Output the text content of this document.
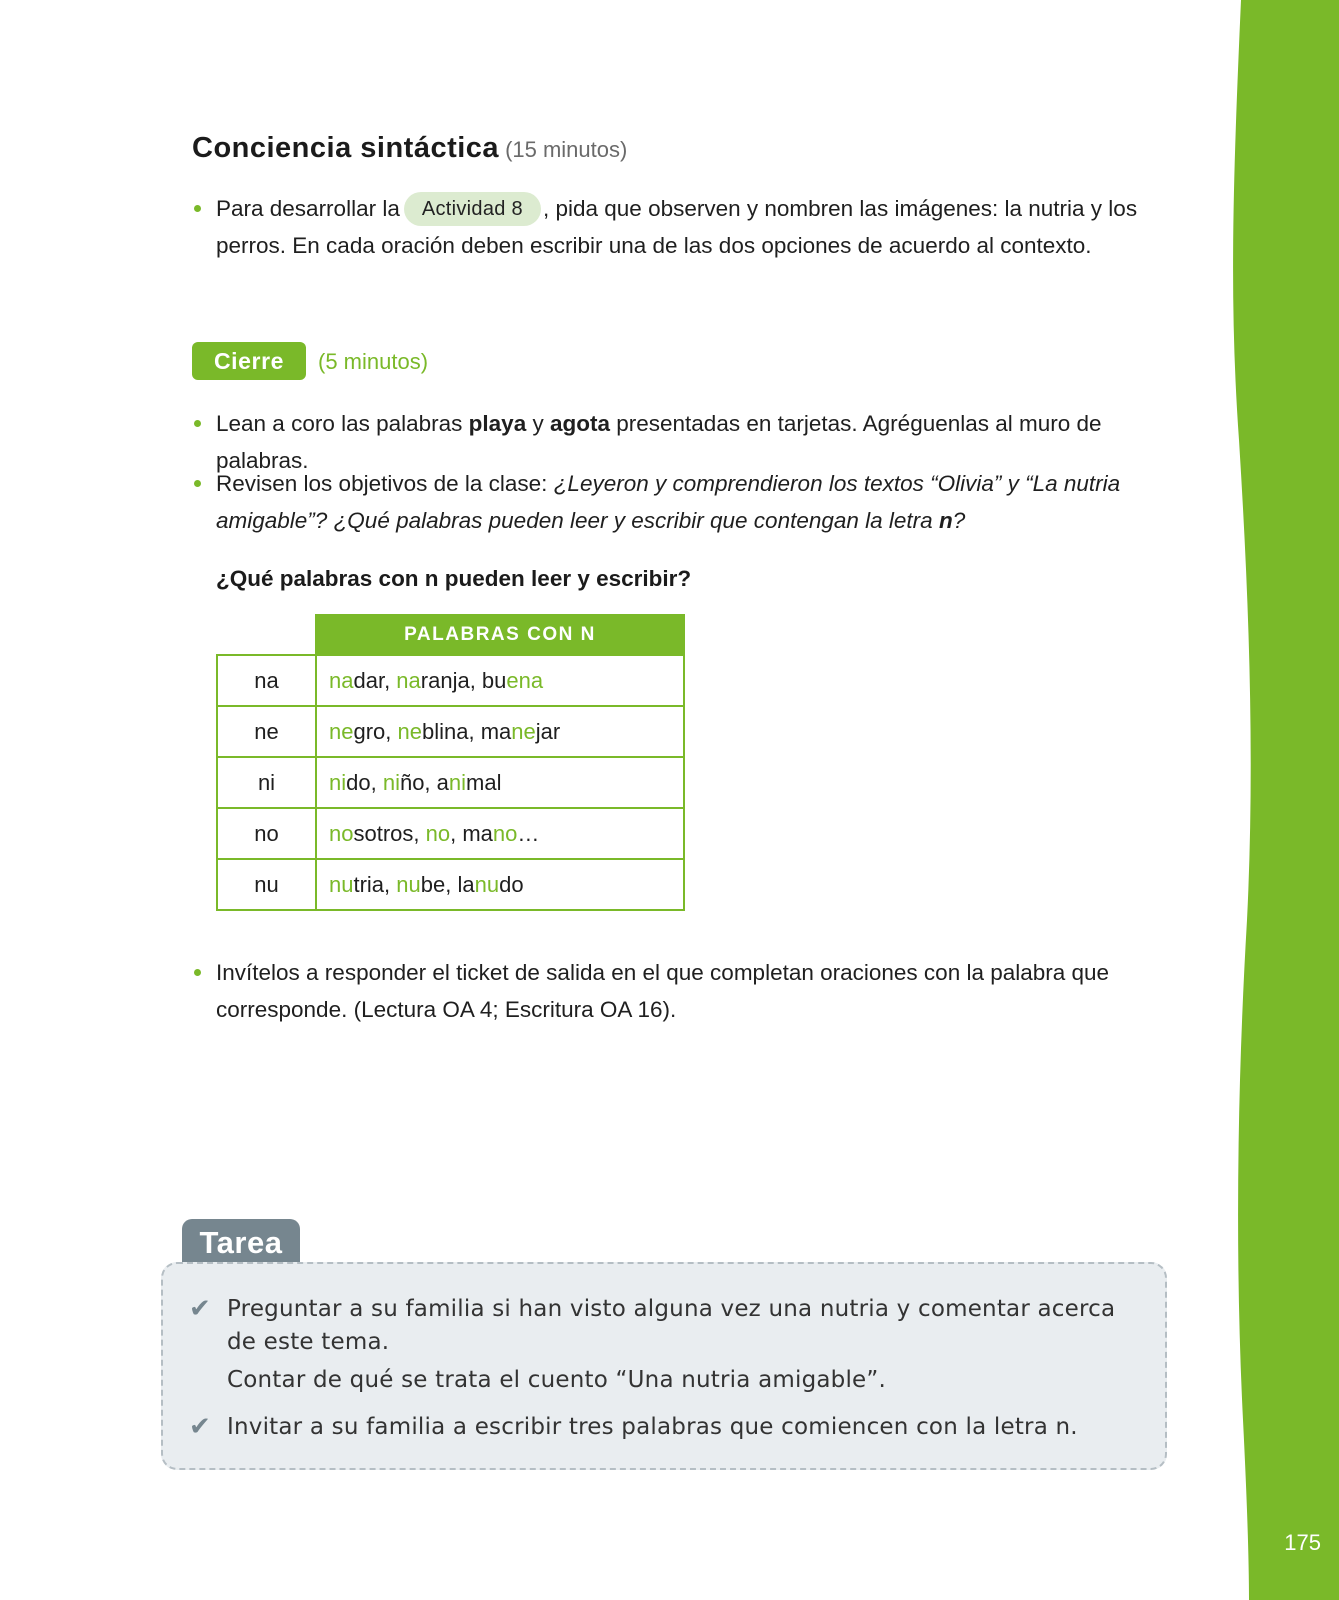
175
Conciencia sintáctica (15 minutos)
Para desarrollar la Actividad 8 , pida que observen y nombren las imágenes: la nutria y los perros. En cada oración deben escribir una de las dos opciones de acuerdo al contexto.
Cierre	(5 minutos)
Lean a coro las palabras playa y agota presentadas en tarjetas. Agréguenlas al muro de palabras.
Revisen los objetivos de la clase: ¿Leyeron y comprendieron los textos “Olivia” y “La nutria amigable”? ¿Qué palabras pueden leer y escribir que contengan la letra n?
¿Qué palabras con n pueden leer y escribir?
	PALABRAS CON N
na	nadar, naranja, buena
ne	negro, neblina, manejar
ni	nido, niño, animal
no	nosotros, no, mano…
nu	nutria, nube, lanudo
Invítelos a responder el ticket de salida en el que completan oraciones con la palabra que corresponde. (Lectura OA 4; Escritura OA 16).
Tarea
✔ Preguntar a su familia si han visto alguna vez una nutria y comentar acerca de este tema.
Contar de qué se trata el cuento “Una nutria amigable”.
✔ Invitar a su familia a escribir tres palabras que comiencen con la letra n.
